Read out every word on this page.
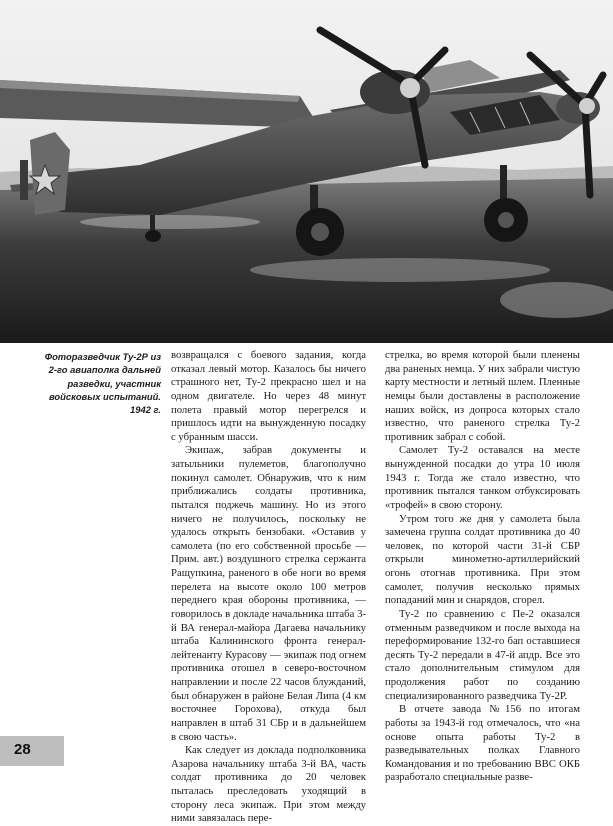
Фоторазведчик Ту-2Р из 2-го авиаполка дальней разведки, участник войсковых испытаний. 1942 г.

возвращался с боевого задания, когда отказал левый мотор. Казалось бы ничего страшного нет, Ту-2 прекрасно шел и на одном двигателе. Но через 48 минут полета правый мотор перегрелся и пришлось идти на вынужденную посадку с убранным шасси.

Экипаж, забрав документы и затыльники пулеметов, благополучно покинул самолет. Обнаружив, что к ним приближались солдаты противника, пытался поджечь машину. Но из этого ничего не получилось, поскольку не удалось открыть бензобаки. «Оставив у самолета (по его собственной просьбе — Прим. авт.) воздушного стрелка сержанта Ращупкина, раненого в обе ноги во время перелета на высоте около 100 метров переднего края обороны противника, — говорилось в докладе начальника штаба 3-й ВА генерал-майора Дагаева начальнику штаба Калининского фронта генерал-лейтенанту Курасову — экипаж под огнем противника отошел в северо-восточном направлении и после 22 часов блужданий, был обнаружен в районе Белая Липа (4 км восточнее Горохова), откуда был направлен в штаб 31 СБр и в дальнейшем в свою часть».

Как следует из доклада подполковника Азарова начальнику штаба 3-й ВА, часть солдат противника до 20 человек пыталась преследовать уходящий в сторону леса экипаж. При этом между ними завязалась пере-

стрелка, во время которой были пленены два раненых немца. У них забрали чистую карту местности и летный шлем. Пленные немцы были доставлены в расположение наших войск, из допроса которых стало известно, что раненого стрелка Ту-2 противник забрал с собой.

Самолет Ту-2 оставался на месте вынужденной посадки до утра 10 июля 1943 г. Тогда же стало известно, что противник пытался танком отбуксировать «трофей» в свою сторону.

Утром того же дня у самолета была замечена группа солдат противника до 40 человек, по которой части 31-й СБР открыли минометно-артиллерийский огонь отогнав противника. При этом самолет, получив несколько прямых попаданий мин и снарядов, сгорел.

Ту-2 по сравнению с Пе-2 оказался отменным разведчиком и после выхода на переформирование 132-го бап оставшиеся десять Ту-2 передали в 47-й апдр. Все это стало дополнительным стимулом для продолжения работ по созданию специализированного разведчика Ту-2Р.

В отчете завода №156 по итогам работы за 1943-й год отмечалось, что «на основе опыта работы Ту-2 в разведывательных полках Главного Командования и по требованию ВВС ОКБ разработало специальные разве-

28
